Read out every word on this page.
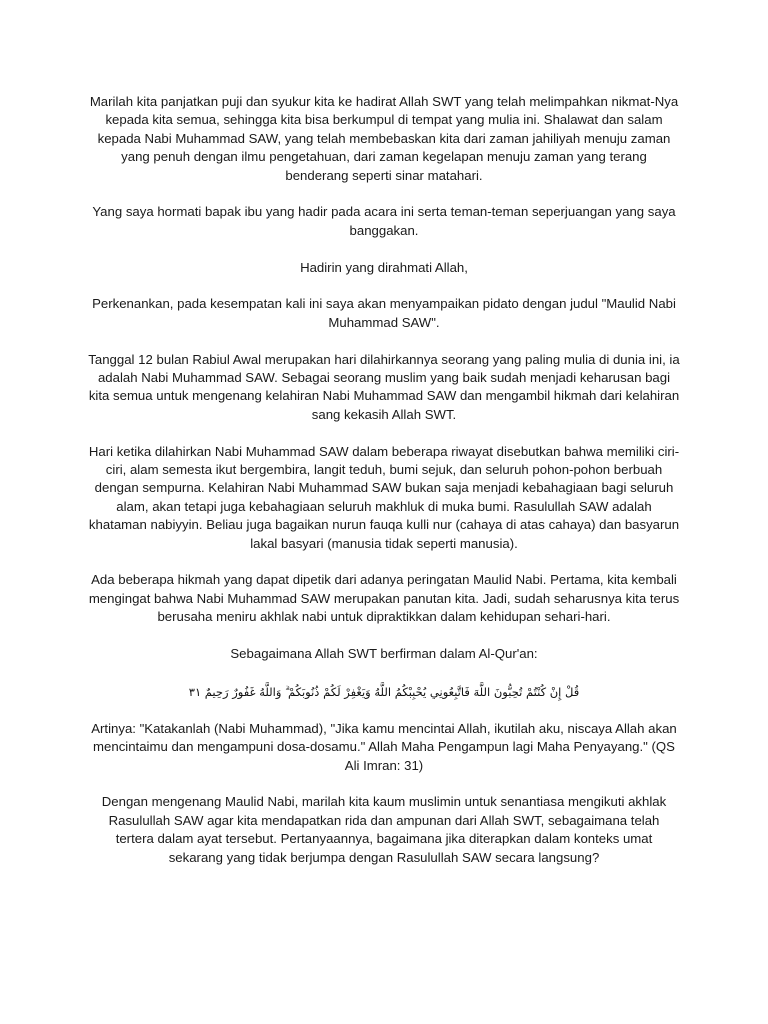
Marilah kita panjatkan puji dan syukur kita ke hadirat Allah SWT yang telah melimpahkan nikmat-Nya kepada kita semua, sehingga kita bisa berkumpul di tempat yang mulia ini. Shalawat dan salam kepada Nabi Muhammad SAW, yang telah membebaskan kita dari zaman jahiliyah menuju zaman yang penuh dengan ilmu pengetahuan, dari zaman kegelapan menuju zaman yang terang benderang seperti sinar matahari.

Yang saya hormati bapak ibu yang hadir pada acara ini serta teman-teman seperjuangan yang saya banggakan.

Hadirin yang dirahmati Allah,

Perkenankan, pada kesempatan kali ini saya akan menyampaikan pidato dengan judul "Maulid Nabi Muhammad SAW".

Tanggal 12 bulan Rabiul Awal merupakan hari dilahirkannya seorang yang paling mulia di dunia ini, ia adalah Nabi Muhammad SAW. Sebagai seorang muslim yang baik sudah menjadi keharusan bagi kita semua untuk mengenang kelahiran Nabi Muhammad SAW dan mengambil hikmah dari kelahiran sang kekasih Allah SWT.

Hari ketika dilahirkan Nabi Muhammad SAW dalam beberapa riwayat disebutkan bahwa memiliki ciri-ciri, alam semesta ikut bergembira, langit teduh, bumi sejuk, dan seluruh pohon-pohon berbuah dengan sempurna. Kelahiran Nabi Muhammad SAW bukan saja menjadi kebahagiaan bagi seluruh alam, akan tetapi juga kebahagiaan seluruh makhluk di muka bumi. Rasulullah SAW adalah khataman nabiyyin. Beliau juga bagaikan nurun fauqa kulli nur (cahaya di atas cahaya) dan basyarun lakal basyari (manusia tidak seperti manusia).

Ada beberapa hikmah yang dapat dipetik dari adanya peringatan Maulid Nabi. Pertama, kita kembali mengingat bahwa Nabi Muhammad SAW merupakan panutan kita. Jadi, sudah seharusnya kita terus berusaha meniru akhlak nabi untuk dipraktikkan dalam kehidupan sehari-hari.

Sebagaimana Allah SWT berfirman dalam Al-Qur'an:

قُلْ إِنْ كُنْتُمْ تُحِبُّونَ اللَّهَ فَاتَّبِعُونِي يُحْبِبْكُمُ اللَّهُ وَيَغْفِرْ لَكُمْ ذُنُوبَكُمْ ۗ وَاللَّهُ غَفُورٌ رَحِيمٌ ٣١

Artinya: "Katakanlah (Nabi Muhammad), "Jika kamu mencintai Allah, ikutilah aku, niscaya Allah akan mencintaimu dan mengampuni dosa-dosamu." Allah Maha Pengampun lagi Maha Penyayang." (QS Ali Imran: 31)

Dengan mengenang Maulid Nabi, marilah kita kaum muslimin untuk senantiasa mengikuti akhlak Rasulullah SAW agar kita mendapatkan rida dan ampunan dari Allah SWT, sebagaimana telah tertera dalam ayat tersebut. Pertanyaannya, bagaimana jika diterapkan dalam konteks umat sekarang yang tidak berjumpa dengan Rasulullah SAW secara langsung?
